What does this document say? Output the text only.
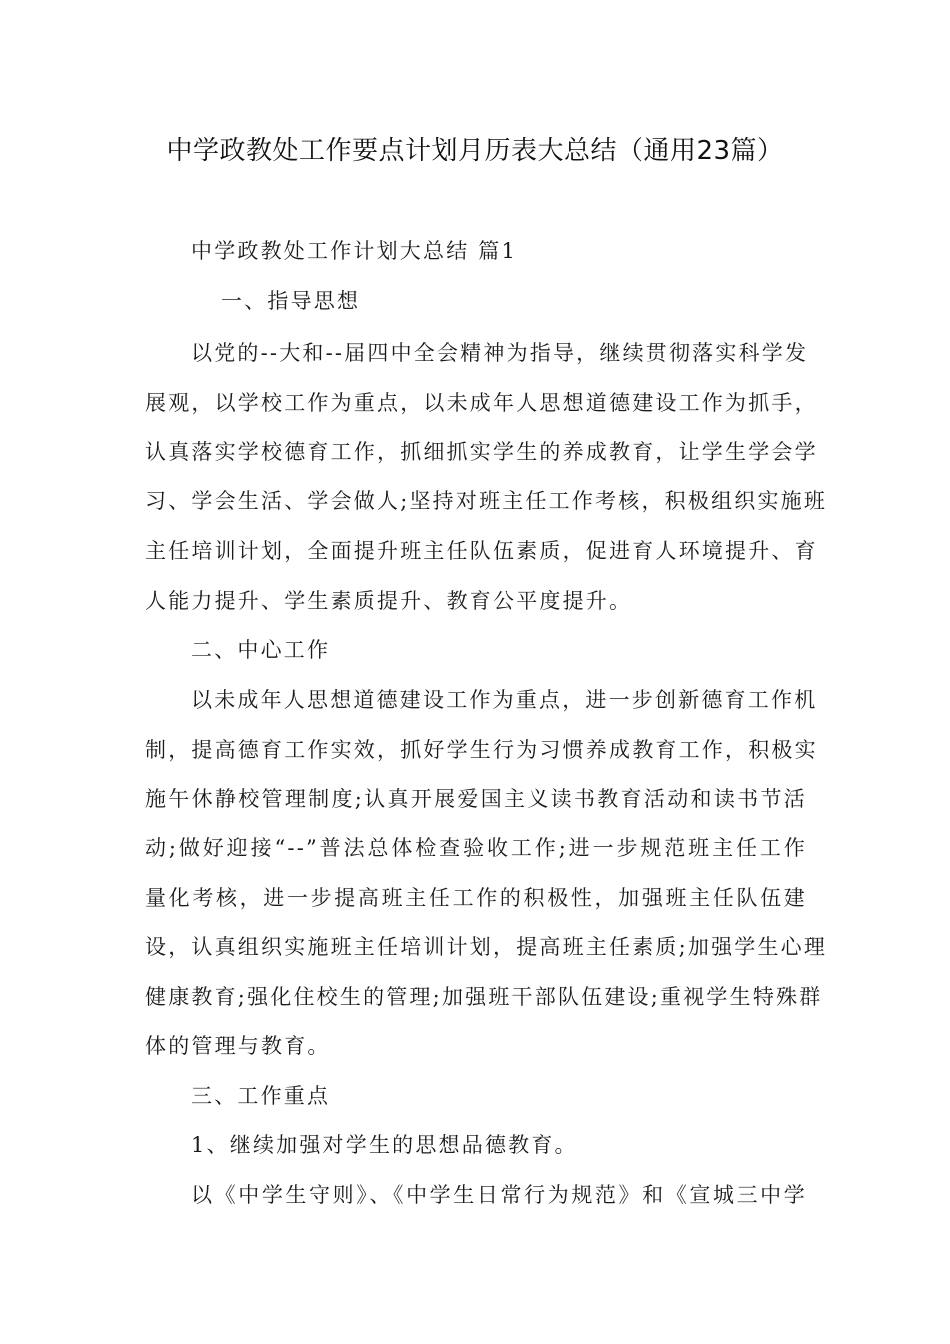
中学政教处工作要点计划月历表大总结（通用23篇）
中学政教处工作计划大总结 篇1
一、指导思想
以党的--大和--届四中全会精神为指导，继续贯彻落实科学发
展观，以学校工作为重点，以未成年人思想道德建设工作为抓手，
认真落实学校德育工作，抓细抓实学生的养成教育，让学生学会学
习、学会生活、学会做人;坚持对班主任工作考核，积极组织实施班
主任培训计划，全面提升班主任队伍素质，促进育人环境提升、育
人能力提升、学生素质提升、教育公平度提升。
二、中心工作
以未成年人思想道德建设工作为重点，进一步创新德育工作机
制，提高德育工作实效，抓好学生行为习惯养成教育工作，积极实
施午休静校管理制度;认真开展爱国主义读书教育活动和读书节活
动;做好迎接“--”普法总体检查验收工作;进一步规范班主任工作
量化考核，进一步提高班主任工作的积极性，加强班主任队伍建
设，认真组织实施班主任培训计划，提高班主任素质;加强学生心理
健康教育;强化住校生的管理;加强班干部队伍建设;重视学生特殊群
体的管理与教育。
三、工作重点
1、继续加强对学生的思想品德教育。
以《中学生守则》、《中学生日常行为规范》和《宣城三中学
